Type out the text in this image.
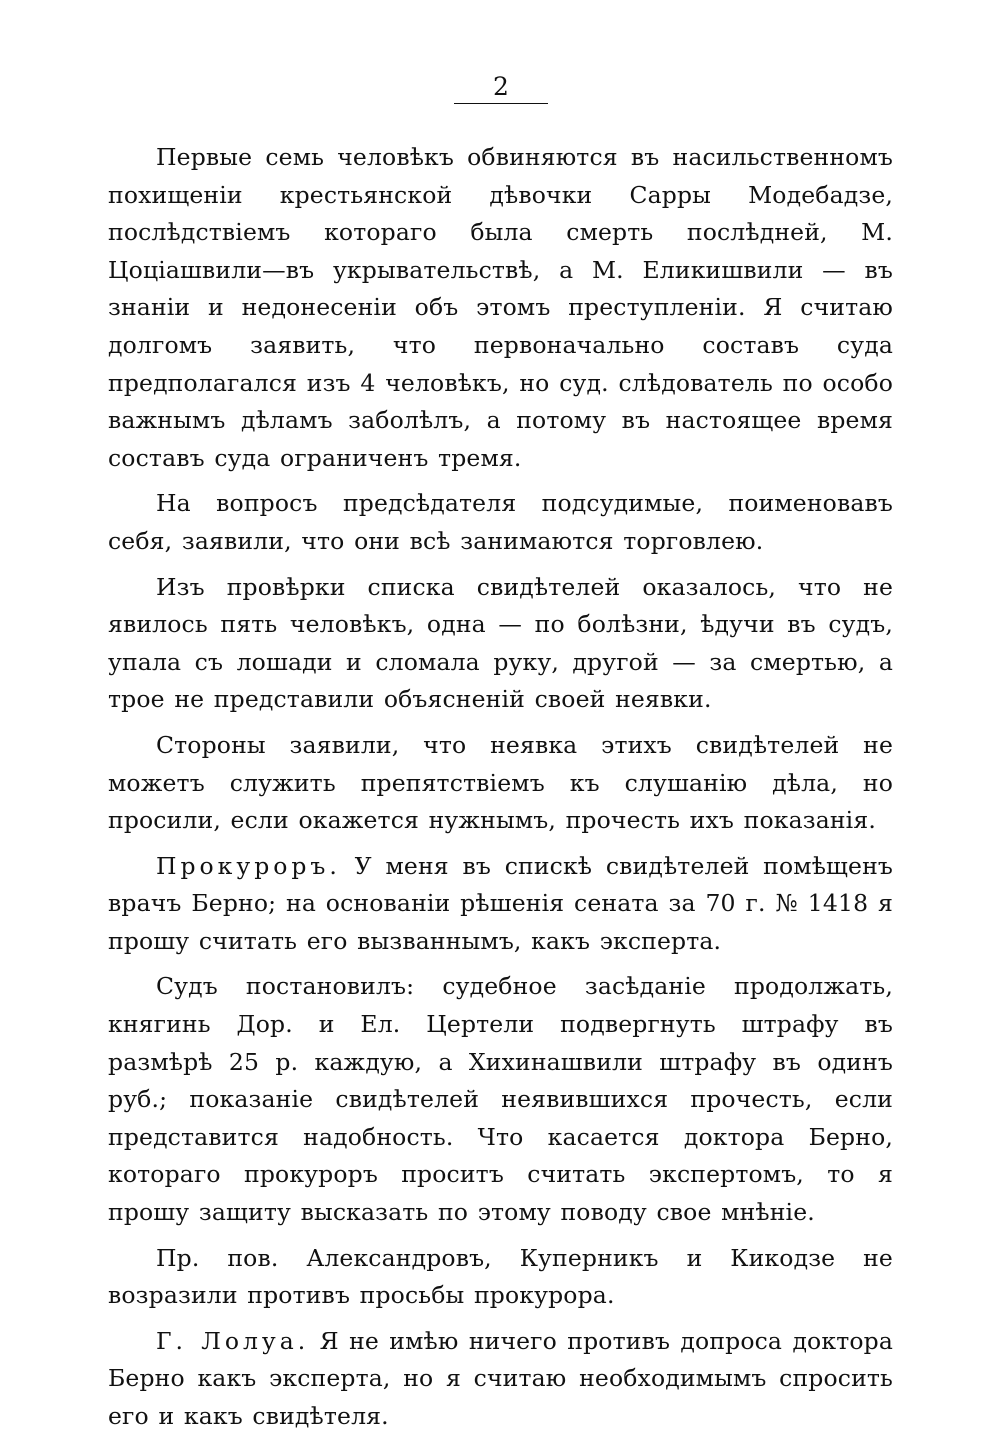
2

Первые семь человѣкъ обвиняются въ насильственномъ похищеніи крестьянской дѣвочки Сарры Модебадзе, послѣдствіемъ котораго была смерть послѣдней, М. Цоціашвили—въ укрывательствѣ, а М. Еликишвили — въ знаніи и недонесеніи объ этомъ преступленіи. Я считаю долгомъ заявить, что первоначально составъ суда предполагался изъ 4 человѣкъ, но суд. слѣдователь по особо важнымъ дѣламъ заболѣлъ, а потому въ настоящее время составъ суда ограниченъ тремя.

На вопросъ предсѣдателя подсудимые, поименовавъ себя, заявили, что они всѣ занимаются торговлею.

Изъ провѣрки списка свидѣтелей оказалось, что не явилось пять человѣкъ, одна — по болѣзни, ѣдучи въ судъ, упала съ лошади и сломала руку, другой — за смертью, а трое не представили объясненій своей неявки.

Стороны заявили, что неявка этихъ свидѣтелей не можетъ служить препятствіемъ къ слушанію дѣла, но просили, если окажется нужнымъ, прочесть ихъ показанія.

Прокуроръ. У меня въ спискѣ свидѣтелей помѣщенъ врачъ Берно; на основаніи рѣшенія сената за 70 г. № 1418 я прошу считать его вызваннымъ, какъ эксперта.

Судъ постановилъ: судебное засѣданіе продолжать, княгинь Дор. и Ел. Цертели подвергнуть штрафу въ размѣрѣ 25 р. каждую, а Хихинашвили штрафу въ одинъ руб.; показаніе свидѣтелей неявившихся прочесть, если представится надобность. Что касается доктора Берно, котораго прокуроръ проситъ считать экспертомъ, то я прошу защиту высказать по этому поводу свое мнѣніе.

Пр. пов. Александровъ, Куперникъ и Кикодзе не возразили противъ просьбы прокурора.

Г. Лолуа. Я не имѣю ничего противъ допроса доктора Берно какъ эксперта, но я считаю необходимымъ спросить его и какъ свидѣтеля.
